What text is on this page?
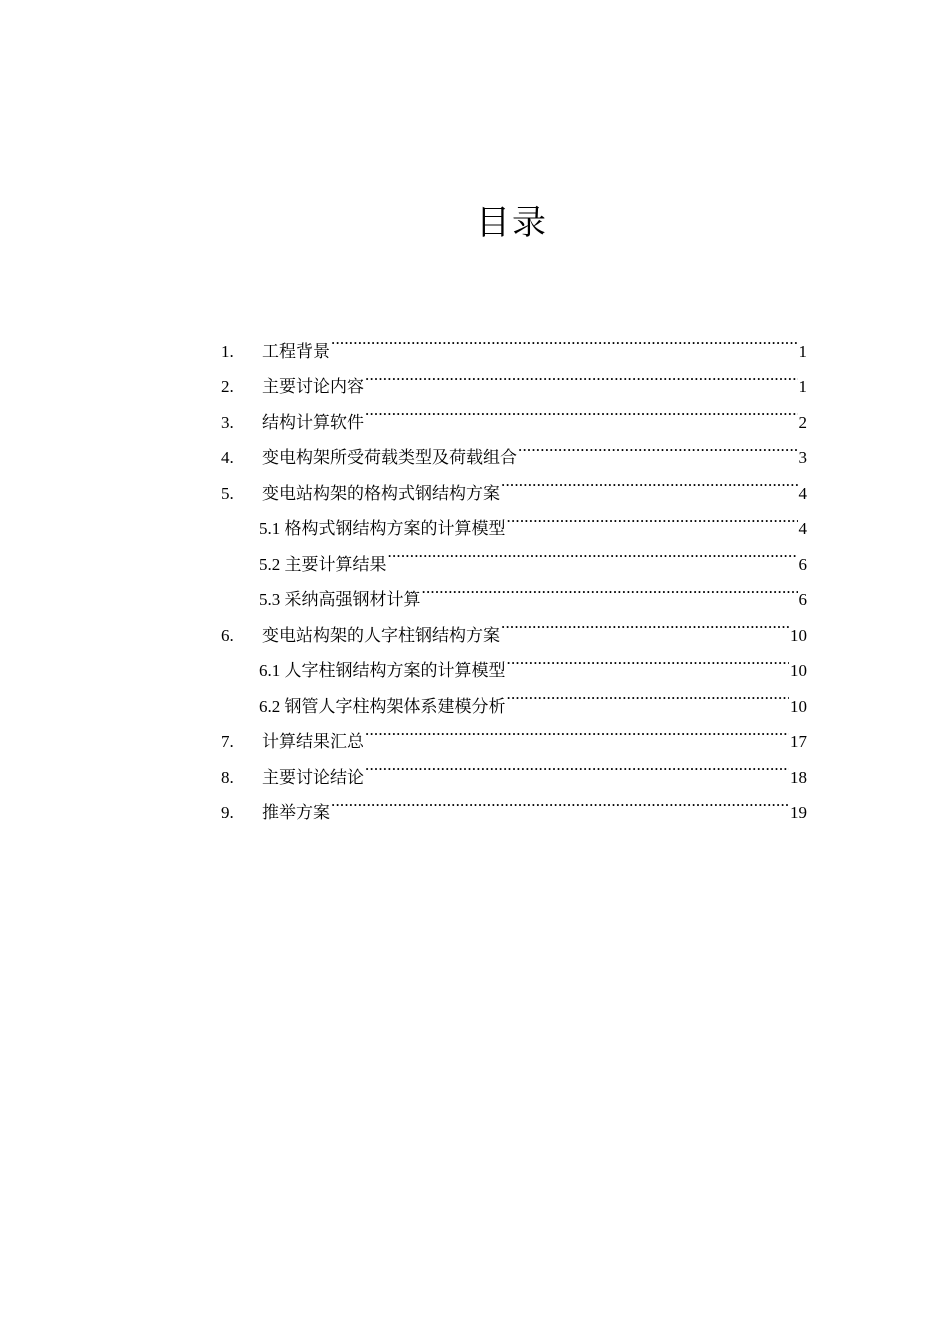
目录
1.	工程背景 .....	1
2.	主要讨论内容 .....	1
3.	结构计算软件 .....	2
4.	变电构架所受荷载类型及荷载组合 .....	3
5.	变电站构架的格构式钢结构方案 .....	4
5.1 格构式钢结构方案的计算模型 .....	4
5.2 主要计算结果 .....	6
5.3 采纳高强钢材计算 .....	6
6.	变电站构架的人字柱钢结构方案 .....	10
6.1 人字柱钢结构方案的计算模型 .....	10
6.2 钢管人字柱构架体系建模分析 .....	10
7.	计算结果汇总 .....	17
8.	主要讨论结论 .....	18
9.	推举方案 .....	19
